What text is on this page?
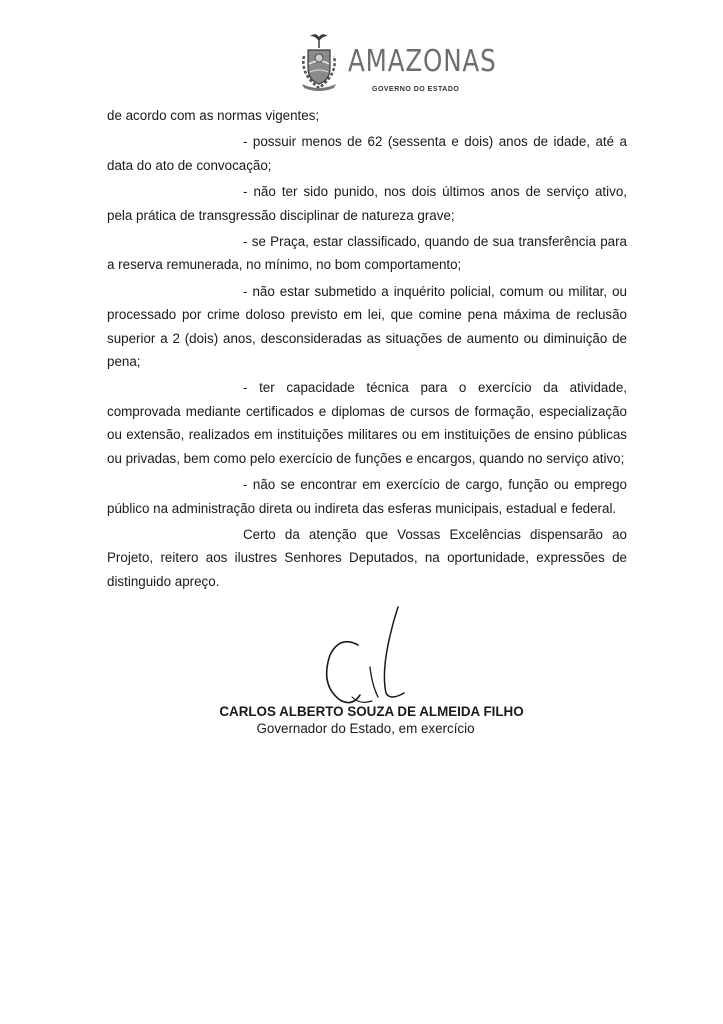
AMAZONAS
GOVERNO DO ESTADO

de acordo com as normas vigentes;

- possuir menos de 62 (sessenta e dois) anos de idade, até a data do ato de convocação;

- não ter sido punido, nos dois últimos anos de serviço ativo, pela prática de transgressão disciplinar de natureza grave;

- se Praça, estar classificado, quando de sua transferência para a reserva remunerada, no mínimo, no bom comportamento;

- não estar submetido a inquérito policial, comum ou militar, ou processado por crime doloso previsto em lei, que comine pena máxima de reclusão superior a 2 (dois) anos, desconsideradas as situações de aumento ou diminuição de pena;

- ter capacidade técnica para o exercício da atividade, comprovada mediante certificados e diplomas de cursos de formação, especialização ou extensão, realizados em instituições militares ou em instituições de ensino públicas ou privadas, bem como pelo exercício de funções e encargos, quando no serviço ativo;

- não se encontrar em exercício de cargo, função ou emprego público na administração direta ou indireta das esferas municipais, estadual e federal.

Certo da atenção que Vossas Excelências dispensarão ao Projeto, reitero aos ilustres Senhores Deputados, na oportunidade, expressões de distinguido apreço.

CARLOS ALBERTO SOUZA DE ALMEIDA FILHO
Governador do Estado, em exercício
